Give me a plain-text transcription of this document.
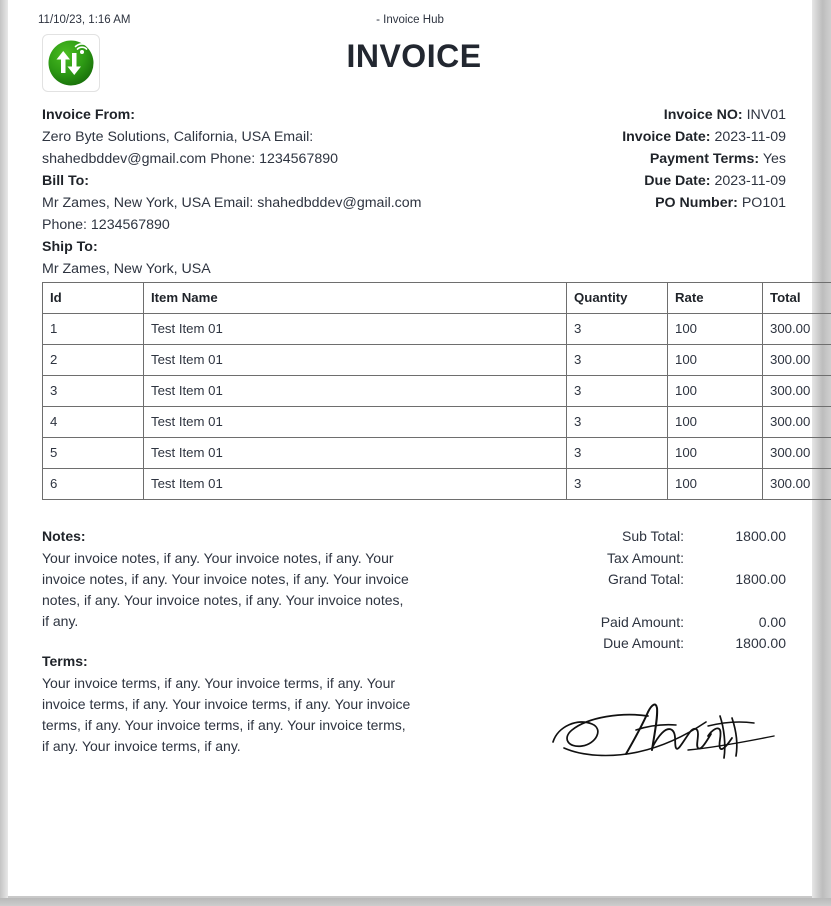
11/10/23, 1:16 AM	- Invoice Hub
INVOICE
Invoice From:
Zero Byte Solutions, California, USA Email:
shahedbddev@gmail.com Phone: 1234567890
Bill To:
Mr Zames, New York, USA Email: shahedbddev@gmail.com
Phone: 1234567890
Ship To:
Mr Zames, New York, USA
Invoice NO: INV01
Invoice Date: 2023-11-09
Payment Terms: Yes
Due Date: 2023-11-09
PO Number: PO101
Id	Item Name	Quantity	Rate	Total
1	Test Item 01	3	100	300.00
2	Test Item 01	3	100	300.00
3	Test Item 01	3	100	300.00
4	Test Item 01	3	100	300.00
5	Test Item 01	3	100	300.00
6	Test Item 01	3	100	300.00
Notes:
Your invoice notes, if any. Your invoice notes, if any. Your invoice notes, if any. Your invoice notes, if any. Your invoice notes, if any. Your invoice notes, if any. Your invoice notes, if any.
Terms:
Your invoice terms, if any. Your invoice terms, if any. Your invoice terms, if any. Your invoice terms, if any. Your invoice terms, if any. Your invoice terms, if any. Your invoice terms, if any. Your invoice terms, if any.
Sub Total:	1800.00
Tax Amount:
Grand Total:	1800.00
Paid Amount:	0.00
Due Amount:	1800.00
